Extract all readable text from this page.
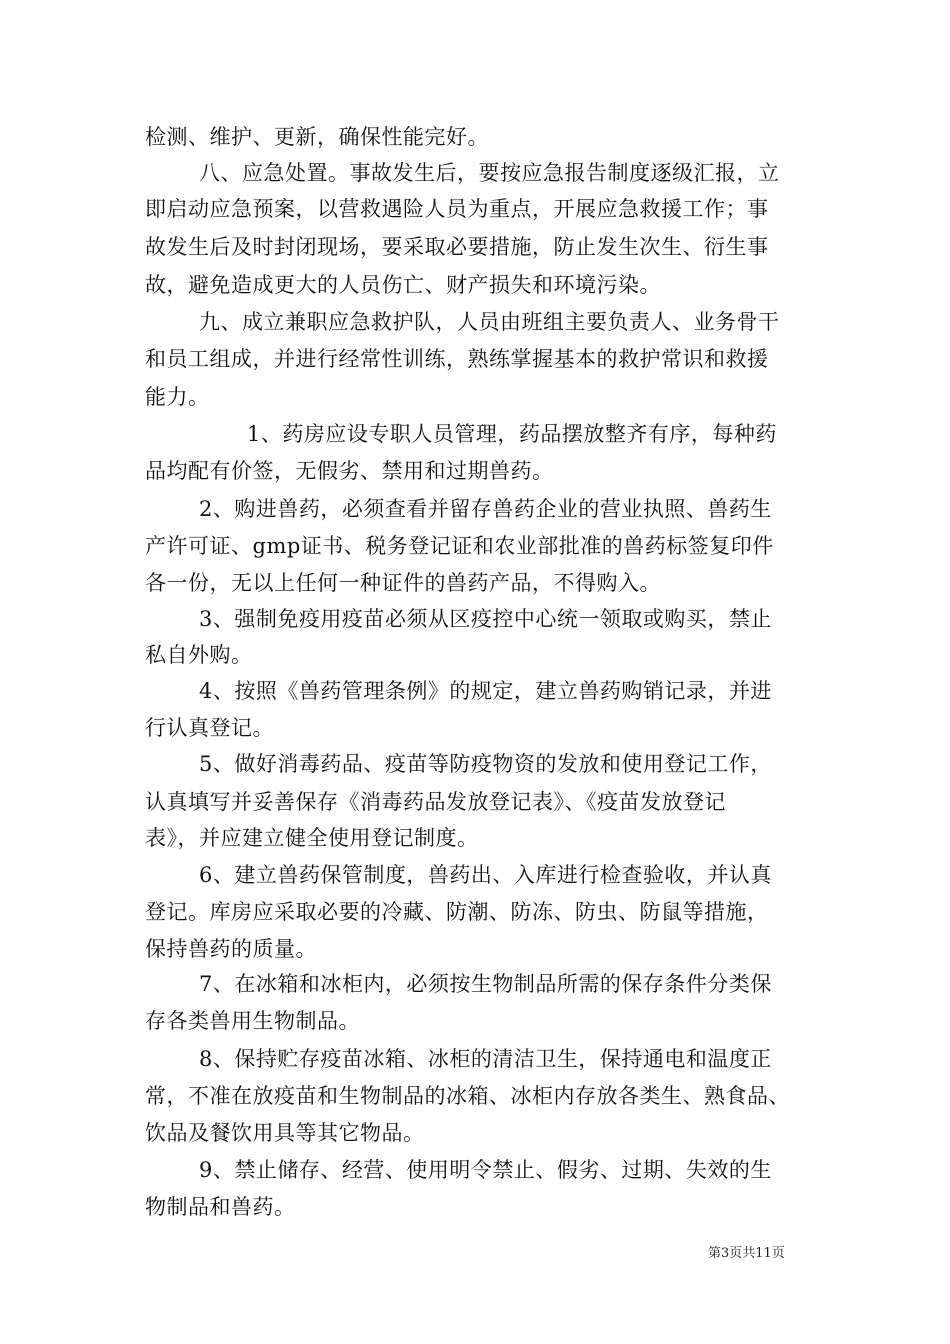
检测、维护、更新，确保性能完好。
八、应急处置。事故发生后，要按应急报告制度逐级汇报，立
即启动应急预案，以营救遇险人员为重点，开展应急救援工作；事
故发生后及时封闭现场，要采取必要措施，防止发生次生、衍生事
故，避免造成更大的人员伤亡、财产损失和环境污染。
九、成立兼职应急救护队，人员由班组主要负责人、业务骨干
和员工组成，并进行经常性训练，熟练掌握基本的救护常识和救援
能力。
1、药房应设专职人员管理，药品摆放整齐有序，每种药
品均配有价签，无假劣、禁用和过期兽药。
2、购进兽药，必须查看并留存兽药企业的营业执照、兽药生
产许可证、gmp证书、税务登记证和农业部批准的兽药标签复印件
各一份，无以上任何一种证件的兽药产品，不得购入。
3、强制免疫用疫苗必须从区疫控中心统一领取或购买，禁止
私自外购。
4、按照《兽药管理条例》的规定，建立兽药购销记录，并进
行认真登记。
5、做好消毒药品、疫苗等防疫物资的发放和使用登记工作，
认真填写并妥善保存《消毒药品发放登记表》、《疫苗发放登记
表》，并应建立健全使用登记制度。
6、建立兽药保管制度，兽药出、入库进行检查验收，并认真
登记。库房应采取必要的冷藏、防潮、防冻、防虫、防鼠等措施，
保持兽药的质量。
7、在冰箱和冰柜内，必须按生物制品所需的保存条件分类保
存各类兽用生物制品。
8、保持贮存疫苗冰箱、冰柜的清洁卫生，保持通电和温度正
常，不准在放疫苗和生物制品的冰箱、冰柜内存放各类生、熟食品、
饮品及餐饮用具等其它物品。
9、禁止储存、经营、使用明令禁止、假劣、过期、失效的生
物制品和兽药。
第3页共11页
